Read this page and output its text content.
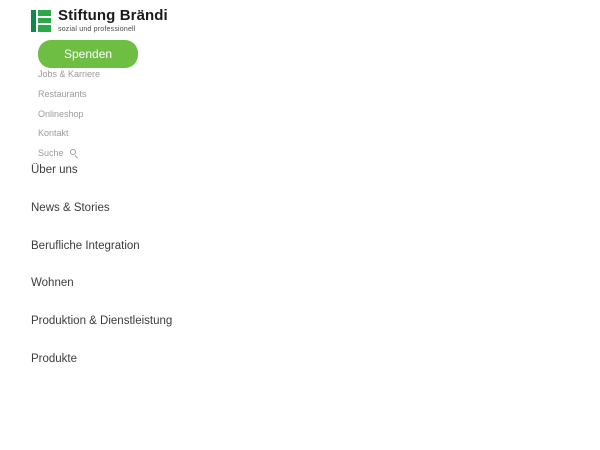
Stiftung Brändi
sozial und professionell
Spenden
Jobs & Karriere
Restaurants
Onlineshop
Kontakt
Suche
Über uns
News & Stories
Berufliche Integration
Wohnen
Produktion & Dienstleistung
Produkte
